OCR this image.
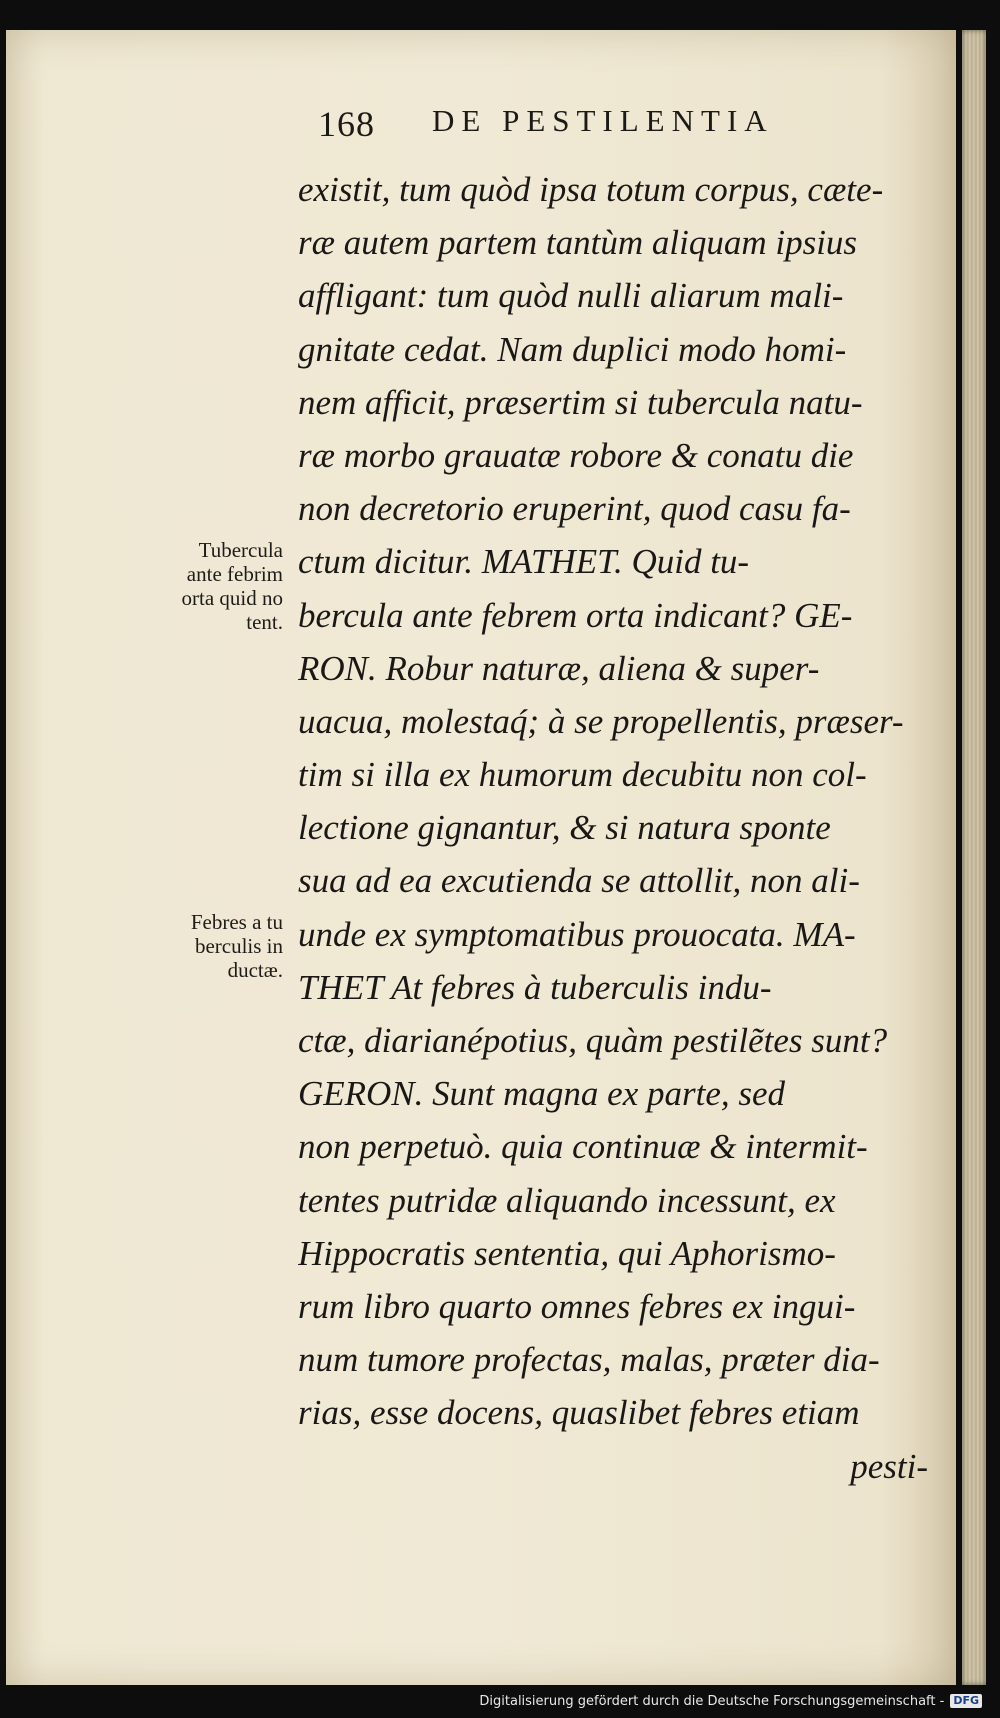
168 DE PESTILENTIA
existit, tum quòd ipsa totum corpus, cæte-
ræ autem partem tantùm aliquam ipsius
affligant: tum quòd nulli aliarum mali-
gnitate cedat. Nam duplici modo homi-
nem afficit, præsertim si tubercula natu-
ræ morbo grauatæ robore & conatu die
non decretorio eruperint, quod casu fa-
ctum dicitur. MATHET. Quid tu-
bercula ante febrem orta indicant? GE-
RON. Robur naturæ, aliena & super-
uacua, molestaq́; à se propellentis, præser-
tim si illa ex humorum decubitu non col-
lectione gignantur, & si natura sponte
sua ad ea excutienda se attollit, non ali-
unde ex symptomatibus prouocata. MA-
THET At febres à tuberculis indu-
ctæ, diarianépotius, quàm pestilẽtes sunt?
GERON. Sunt magna ex parte, sed
non perpetuò. quia continuæ & intermit-
tentes putridæ aliquando incessunt, ex
Hippocratis sententia, qui Aphorismo-
rum libro quarto omnes febres ex ingui-
num tumore profectas, malas, præter dia-
rias, esse docens, quaslibet febres etiam
pesti-
Tubercula
ante febrim
orta quid no
tent.
Febres a tu
berculis in
ductæ.
Digitalisierung gefördert durch die Deutsche Forschungsgemeinschaft - DFG
